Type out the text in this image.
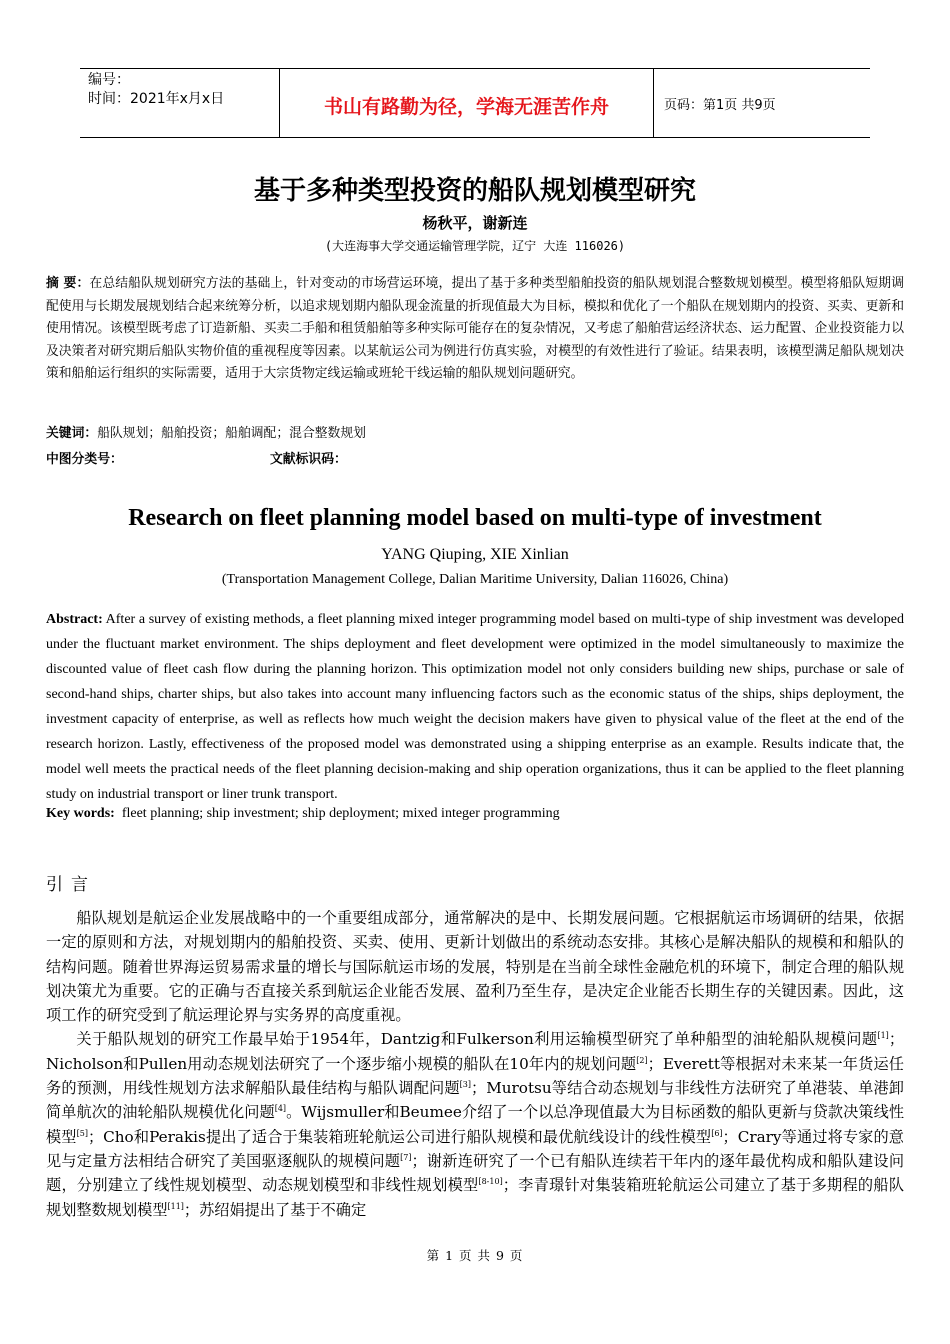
编号：
时间：2021年x月x日	书山有路勤为径，学海无涯苦作舟	页码：第1页 共9页
基于多种类型投资的船队规划模型研究
杨秋平，谢新连
(大连海事大学交通运输管理学院，辽宁 大连 116026)
摘 要：在总结船队规划研究方法的基础上，针对变动的市场营运环境，提出了基于多种类型船舶投资的船队规划混合整数规划模型。模型将船队短期调配使用与长期发展规划结合起来统筹分析，以追求规划期内船队现金流量的折现值最大为目标，模拟和优化了一个船队在规划期内的投资、买卖、更新和使用情况。该模型既考虑了订造新船、买卖二手船和租赁船舶等多种实际可能存在的复杂情况，又考虑了船舶营运经济状态、运力配置、企业投资能力以及决策者对研究期后船队实物价值的重视程度等因素。以某航运公司为例进行仿真实验，对模型的有效性进行了验证。结果表明，该模型满足船队规划决策和船舶运行组织的实际需要，适用于大宗货物定线运输或班轮干线运输的船队规划问题研究。
关键词：船队规划；船舶投资；船舶调配；混合整数规划
中图分类号：	文献标识码：
Research on fleet planning model based on multi-type of investment
YANG Qiuping, XIE Xinlian
(Transportation Management College, Dalian Maritime University, Dalian 116026, China)
Abstract: After a survey of existing methods, a fleet planning mixed integer programming model based on multi-type of ship investment was developed under the fluctuant market environment. The ships deployment and fleet development were optimized in the model simultaneously to maximize the discounted value of fleet cash flow during the planning horizon. This optimization model not only considers building new ships, purchase or sale of second-hand ships, charter ships, but also takes into account many influencing factors such as the economic status of the ships, ships deployment, the investment capacity of enterprise, as well as reflects how much weight the decision makers have given to physical value of the fleet at the end of the research horizon. Lastly, effectiveness of the proposed model was demonstrated using a shipping enterprise as an example. Results indicate that, the model well meets the practical needs of the fleet planning decision-making and ship operation organizations, thus it can be applied to the fleet planning study on industrial transport or liner trunk transport.
Key words:  fleet planning; ship investment; ship deployment; mixed integer programming
引言

船队规划是航运企业发展战略中的一个重要组成部分，通常解决的是中、长期发展问题。它根据航运市场调研的结果，依据一定的原则和方法，对规划期内的船舶投资、买卖、使用、更新计划做出的系统动态安排。其核心是解决船队的规模和和船队的结构问题。随着世界海运贸易需求量的增长与国际航运市场的发展，特别是在当前全球性金融危机的环境下，制定合理的船队规划决策尤为重要。它的正确与否直接关系到航运企业能否发展、盈利乃至生存，是决定企业能否长期生存的关键因素。因此，这项工作的研究受到了航运理论界与实务界的高度重视。

关于船队规划的研究工作最早始于1954年，Dantzig和Fulkerson利用运输模型研究了单种船型的油轮船队规模问题[1]；Nicholson和Pullen用动态规划法研究了一个逐步缩小规模的船队在10年内的规划问题[2]；Everett等根据对未来某一年货运任务的预测，用线性规划方法求解船队最佳结构与船队调配问题[3]；Murotsu等结合动态规划与非线性方法研究了单港装、单港卸简单航次的油轮船队规模优化问题[4]。Wijsmuller和Beumee介绍了一个以总净现值最大为目标函数的船队更新与贷款决策线性模型[5]；Cho和Perakis提出了适合于集装箱班轮航运公司进行船队规模和最优航线设计的线性模型[6]；Crary等通过将专家的意见与定量方法相结合研究了美国驱逐舰队的规模问题[7]；谢新连研究了一个已有船队连续若干年内的逐年最优构成和船队建设问题，分别建立了线性规划模型、动态规划模型和非线性规划模型[8-10]；李青璟针对集装箱班轮航运公司建立了基于多期程的船队规划整数规划模型[11]；苏绍娟提出了基于不确定

第 1 页 共 9 页
